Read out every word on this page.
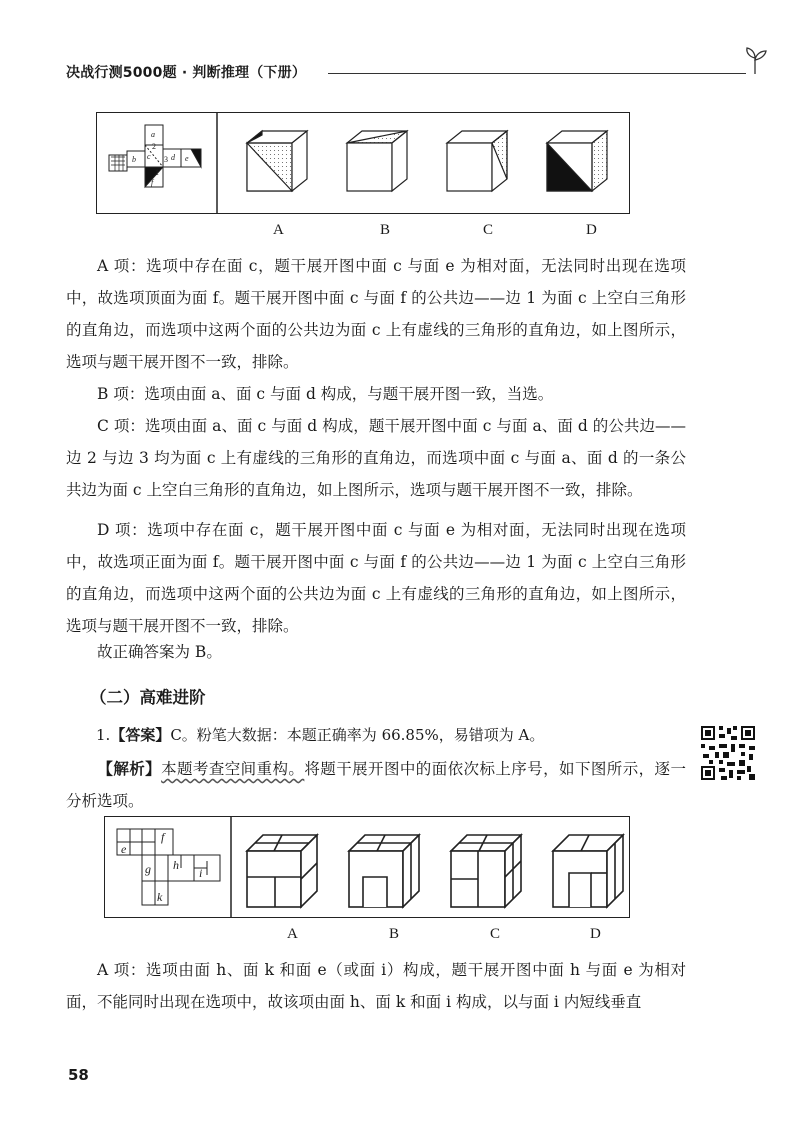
决战行测5000题 · 判断推理（下册）
a
2
b c 3 d e
1
f
A	B	C	D

A 项：选项中存在面 c，题干展开图中面 c 与面 e 为相对面，无法同时出现在选项中，故选项顶面为面 f。题干展开图中面 c 与面 f 的公共边——边 1 为面 c 上空白三角形的直角边，而选项中这两个面的公共边为面 c 上有虚线的三角形的直角边，如上图所示，选项与题干展开图不一致，排除。

B 项：选项由面 a、面 c 与面 d 构成，与题干展开图一致，当选。

C 项：选项由面 a、面 c 与面 d 构成，题干展开图中面 c 与面 a、面 d 的公共边——边 2 与边 3 均为面 c 上有虚线的三角形的直角边，而选项中面 c 与面 a、面 d 的一条公共边为面 c 上空白三角形的直角边，如上图所示，选项与题干展开图不一致，排除。

D 项：选项中存在面 c，题干展开图中面 c 与面 e 为相对面，无法同时出现在选项中，故选项正面为面 f。题干展开图中面 c 与面 f 的公共边——边 1 为面 c 上空白三角形的直角边，而选项中这两个面的公共边为面 c 上有虚线的三角形的直角边，如上图所示，选项与题干展开图不一致，排除。

故正确答案为 B。

（二）高难进阶
1.【答案】C。粉笔大数据：本题正确率为 66.85%，易错项为 A。

【解析】本题考查空间重构。将题干展开图中的面依次标上序号，如下图所示，逐一分析选项。

e
f
g h
i
k
A	B	C	D

A 项：选项由面 h、面 k 和面 e（或面 i）构成，题干展开图中面 h 与面 e 为相对面，不能同时出现在选项中，故该项由面 h、面 k 和面 i 构成，以与面 i 内短线垂直

58
